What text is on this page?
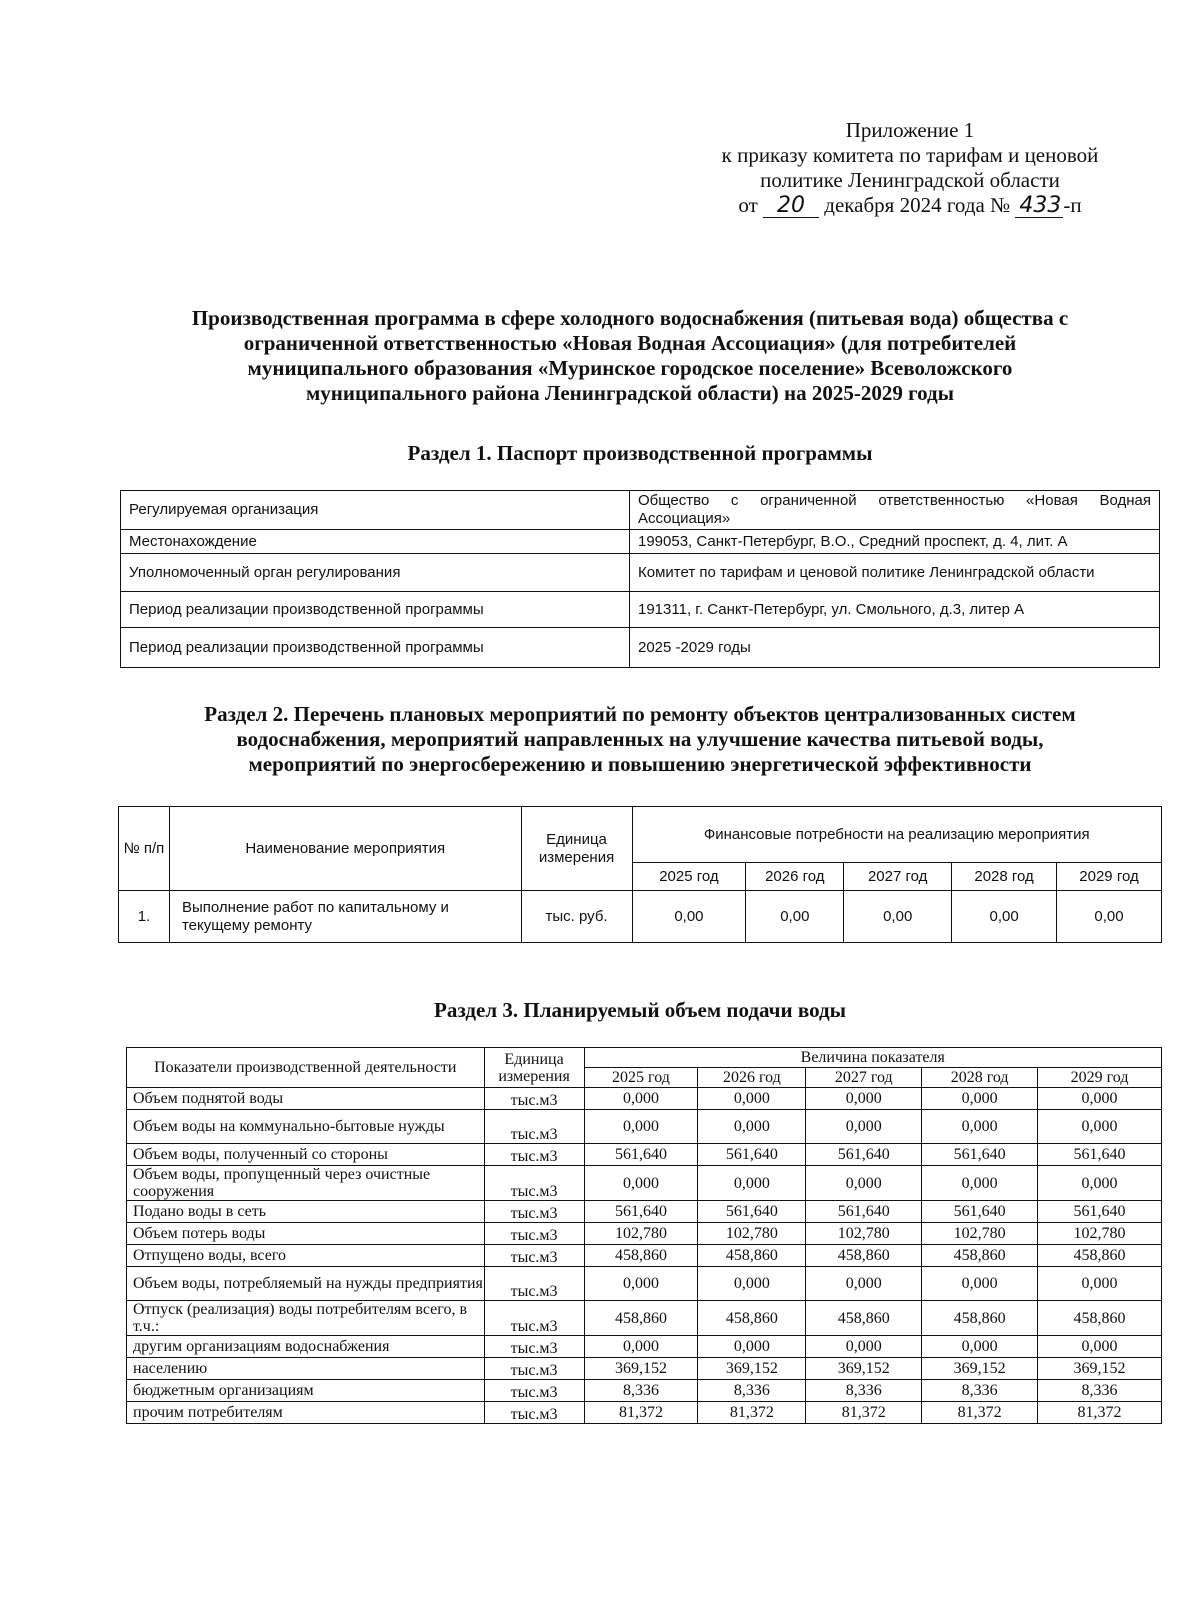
Приложение 1
к приказу комитета по тарифам и ценовой
политике Ленинградской области
от 20 декабря 2024 года № 433-п
Производственная программа в сфере холодного водоснабжения (питьевая вода) общества с
ограниченной ответственностью «Новая Водная Ассоциация» (для потребителей
муниципального образования «Муринское городское поселение» Всеволожского
муниципального района Ленинградской области) на 2025-2029 годы
Раздел 1. Паспорт производственной программы
Регулируемая организация	Общество с ограниченной ответственностью «Новая Водная Ассоциация»
Местонахождение	199053, Санкт-Петербург, В.О., Средний проспект, д. 4, лит. А
Уполномоченный орган регулирования	Комитет по тарифам и ценовой политике Ленинградской области
Период реализации производственной программы	191311, г. Санкт-Петербург, ул. Смольного, д.3, литер А
Период реализации производственной программы	2025 -2029 годы
Раздел 2. Перечень плановых мероприятий по ремонту объектов централизованных систем
водоснабжения, мероприятий направленных на улучшение качества питьевой воды,
мероприятий по энергосбережению и повышению энергетической эффективности
№ п/п	Наименование мероприятия	Единица измерения	Финансовые потребности на реализацию мероприятия				
			2025 год	2026 год	2027 год	2028 год	2029 год
1.	Выполнение работ по капитальному и текущему ремонту	тыс. руб.	0,00	0,00	0,00	0,00	0,00
Раздел 3. Планируемый объем подачи воды
Показатели производственной деятельности	Единица измерения	Величина показателя				
		2025 год	2026 год	2027 год	2028 год	2029 год
Объем поднятой воды	тыс.м3	0,000	0,000	0,000	0,000	0,000
Объем воды на коммунально-бытовые нужды	тыс.м3	0,000	0,000	0,000	0,000	0,000
Объем воды, полученный со стороны	тыс.м3	561,640	561,640	561,640	561,640	561,640
Объем воды, пропущенный через очистные сооружения	тыс.м3	0,000	0,000	0,000	0,000	0,000
Подано воды в сеть	тыс.м3	561,640	561,640	561,640	561,640	561,640
Объем потерь воды	тыс.м3	102,780	102,780	102,780	102,780	102,780
Отпущено воды, всего	тыс.м3	458,860	458,860	458,860	458,860	458,860
Объем воды, потребляемый на нужды предприятия	тыс.м3	0,000	0,000	0,000	0,000	0,000
Отпуск (реализация) воды потребителям всего, в т.ч.:	тыс.м3	458,860	458,860	458,860	458,860	458,860
другим организациям водоснабжения	тыс.м3	0,000	0,000	0,000	0,000	0,000
населению	тыс.м3	369,152	369,152	369,152	369,152	369,152
бюджетным организациям	тыс.м3	8,336	8,336	8,336	8,336	8,336
прочим потребителям	тыс.м3	81,372	81,372	81,372	81,372	81,372
